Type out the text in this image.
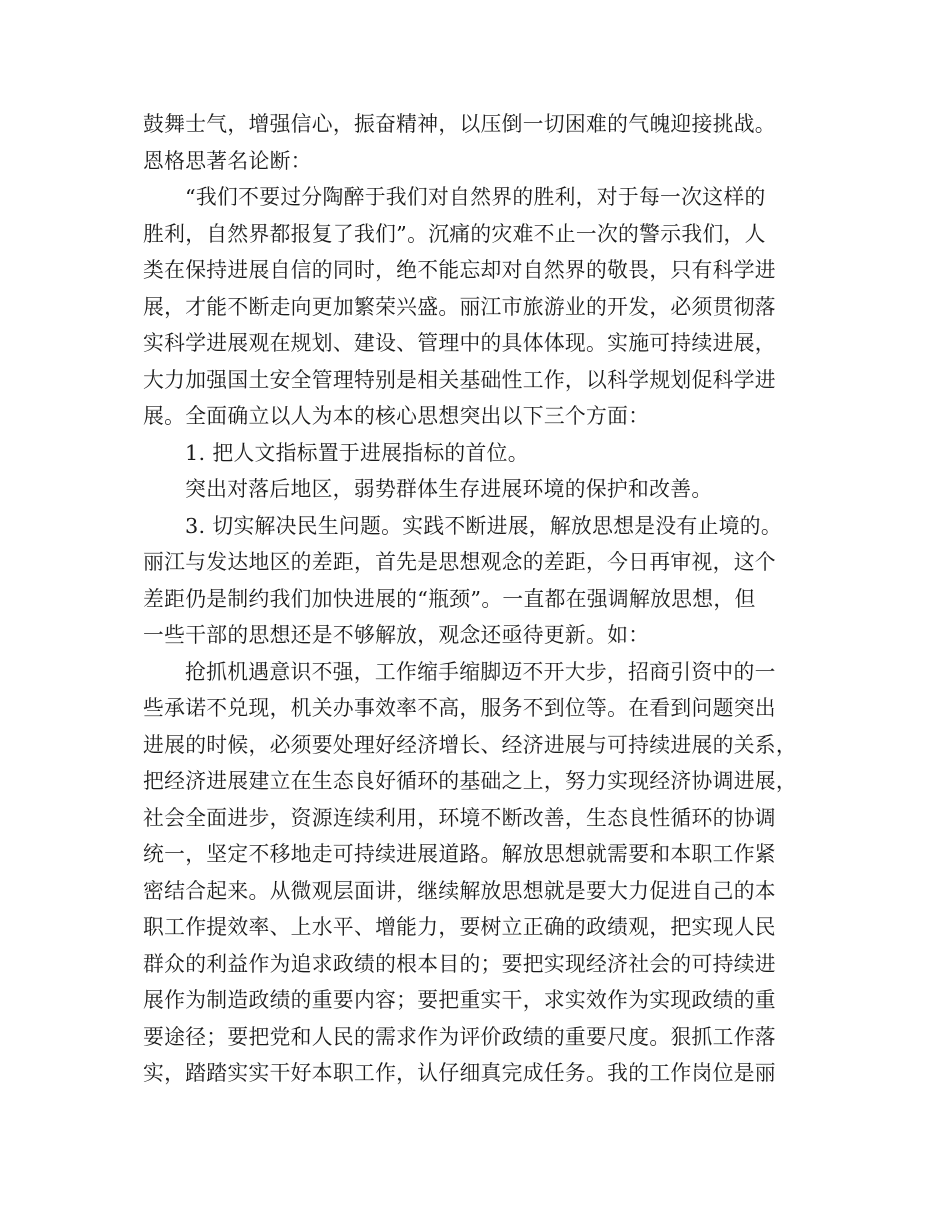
鼓舞士气，增强信心，振奋精神，以压倒一切困难的气魄迎接挑战。
恩格思著名论断：
“我们不要过分陶醉于我们对自然界的胜利，对于每一次这样的
胜利，自然界都报复了我们”。沉痛的灾难不止一次的警示我们，人
类在保持进展自信的同时，绝不能忘却对自然界的敬畏，只有科学进
展，才能不断走向更加繁荣兴盛。丽江市旅游业的开发，必须贯彻落
实科学进展观在规划、建设、管理中的具体体现。实施可持续进展，
大力加强国土安全管理特别是相关基础性工作，以科学规划促科学进
展。全面确立以人为本的核心思想突出以下三个方面：
1. 把人文指标置于进展指标的首位。
突出对落后地区，弱势群体生存进展环境的保护和改善。
3. 切实解决民生问题。实践不断进展，解放思想是没有止境的。
丽江与发达地区的差距，首先是思想观念的差距，今日再审视，这个
差距仍是制约我们加快进展的“瓶颈”。一直都在强调解放思想，但
一些干部的思想还是不够解放，观念还亟待更新。如：
抢抓机遇意识不强，工作缩手缩脚迈不开大步，招商引资中的一
些承诺不兑现，机关办事效率不高，服务不到位等。在看到问题突出
进展的时候，必须要处理好经济增长、经济进展与可持续进展的关系，
把经济进展建立在生态良好循环的基础之上，努力实现经济协调进展，
社会全面进步，资源连续利用，环境不断改善，生态良性循环的协调
统一，坚定不移地走可持续进展道路。解放思想就需要和本职工作紧
密结合起来。从微观层面讲，继续解放思想就是要大力促进自己的本
职工作提效率、上水平、增能力，要树立正确的政绩观，把实现人民
群众的利益作为追求政绩的根本目的；要把实现经济社会的可持续进
展作为制造政绩的重要内容；要把重实干，求实效作为实现政绩的重
要途径；要把党和人民的需求作为评价政绩的重要尺度。狠抓工作落
实，踏踏实实干好本职工作，认仔细真完成任务。我的工作岗位是丽
